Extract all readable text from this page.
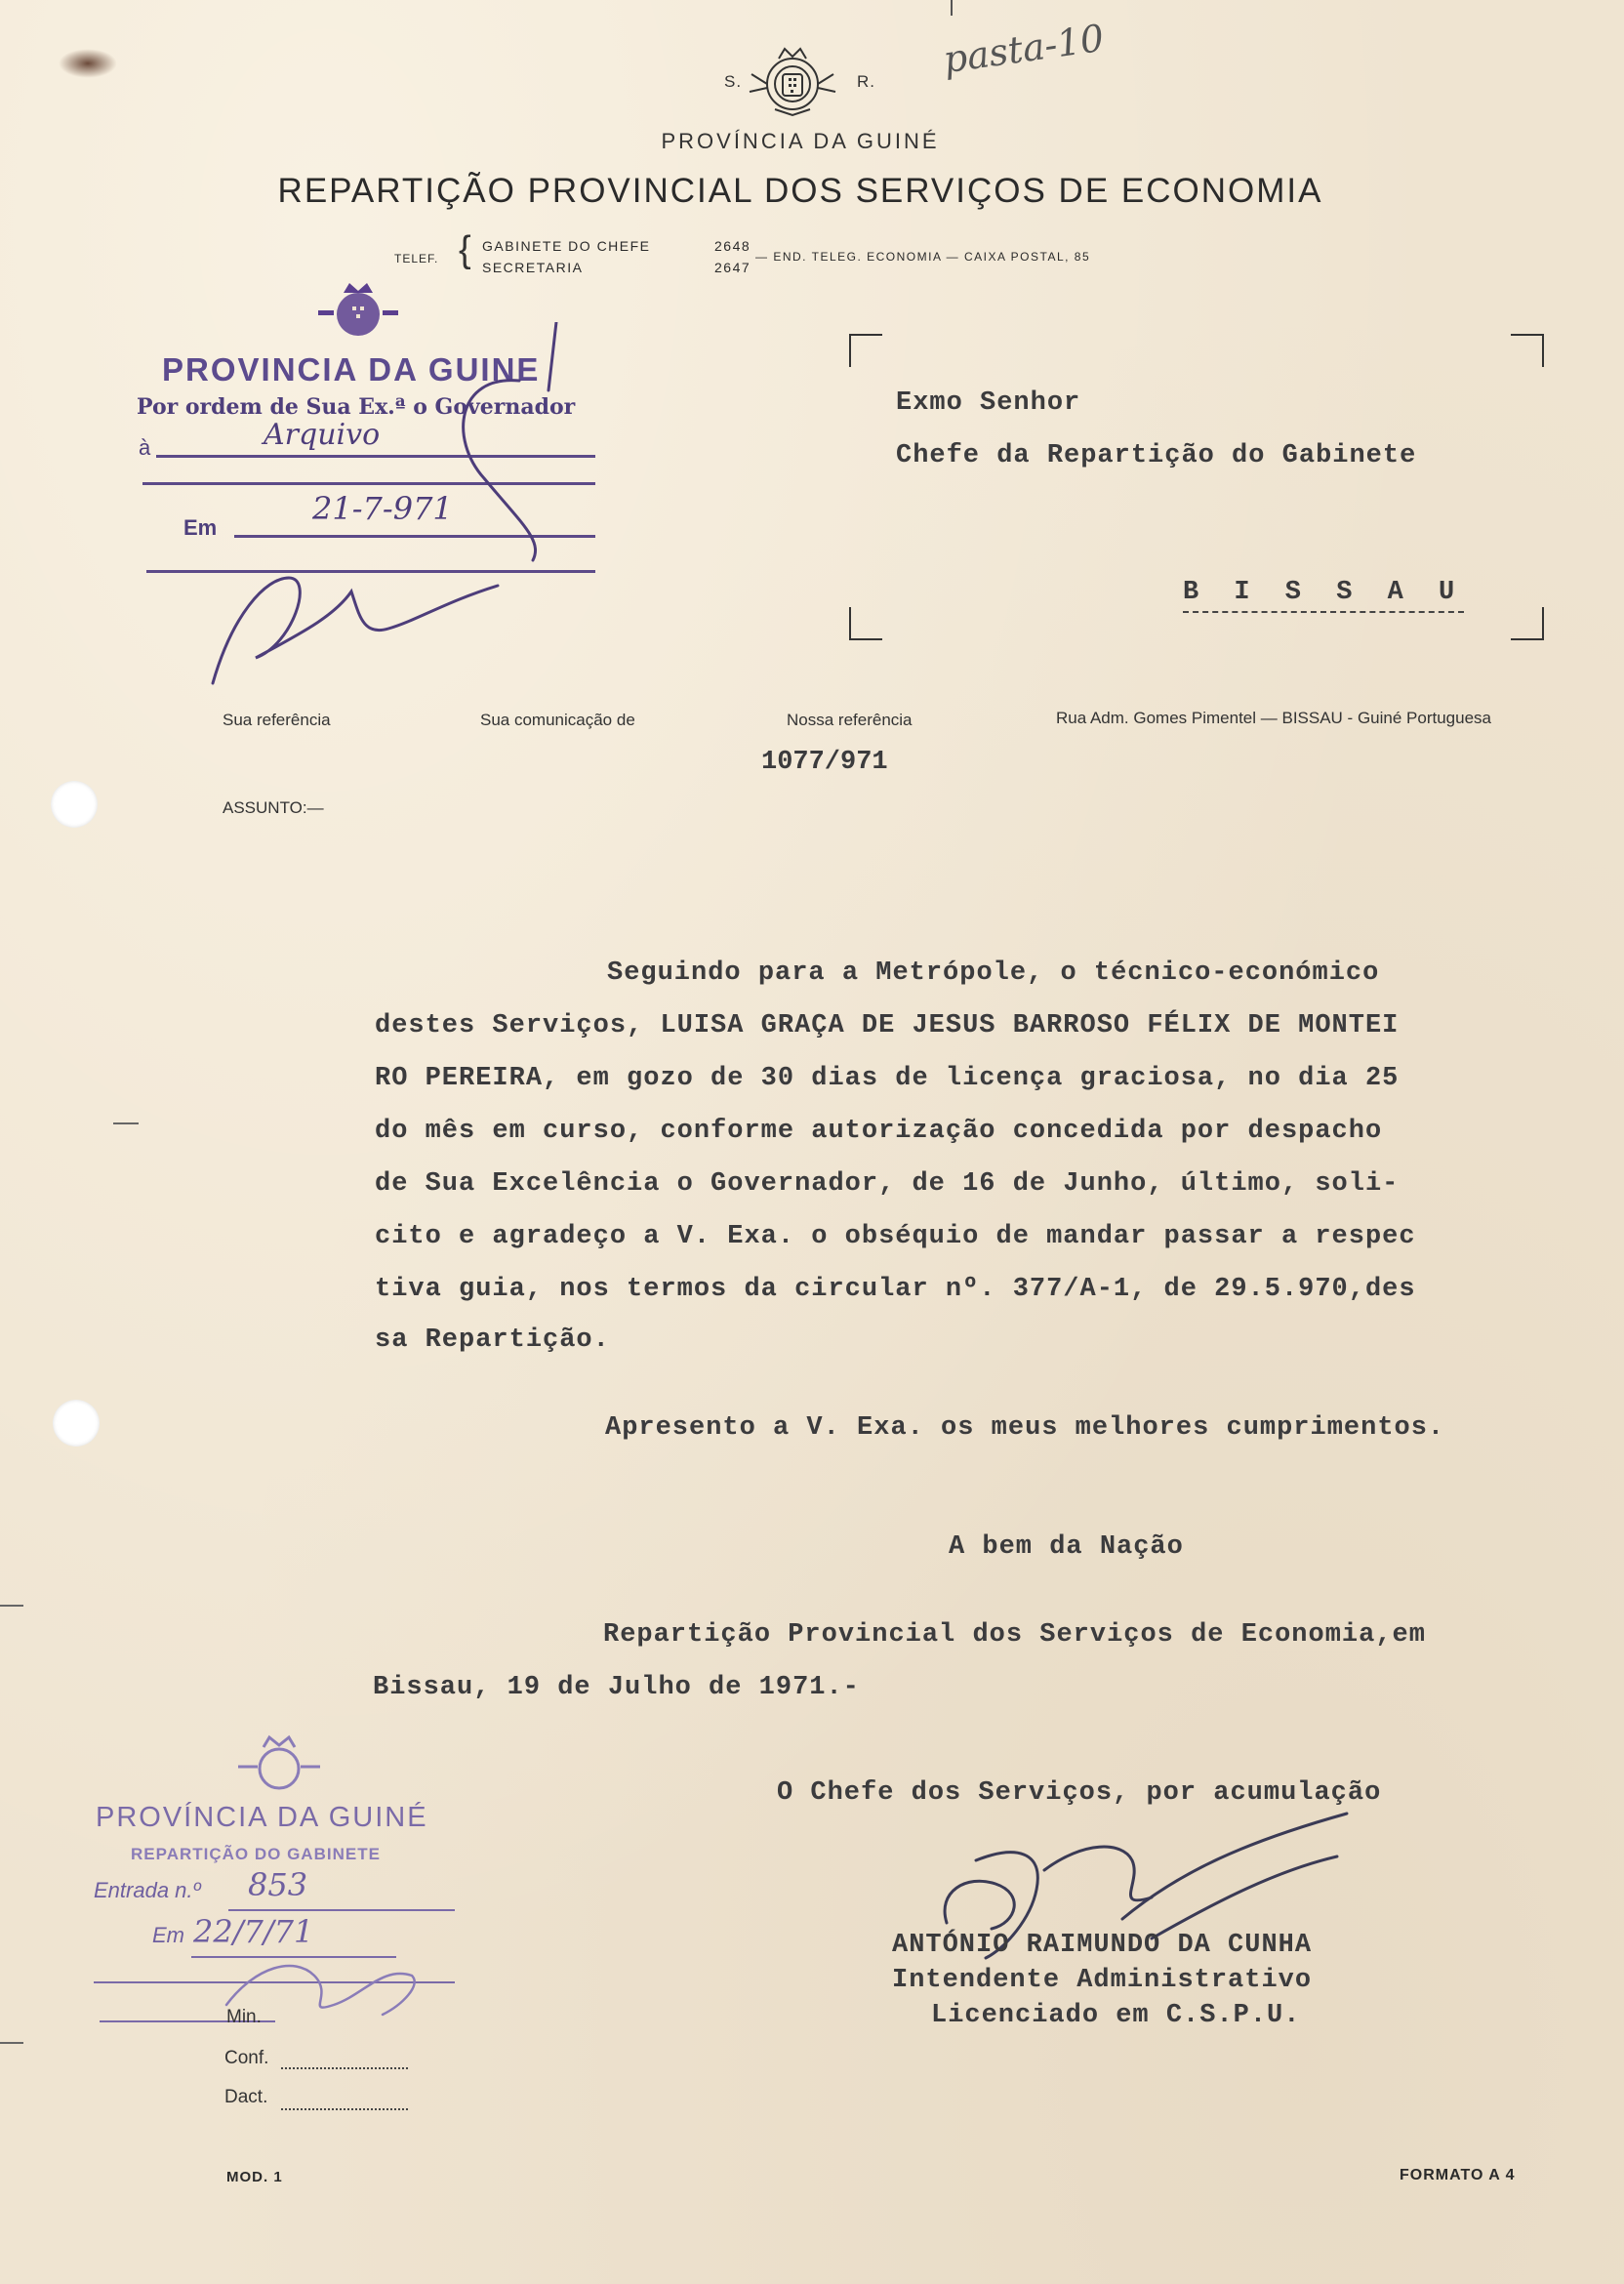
S.	R.
pasta-10
PROVÍNCIA DA GUINÉ
REPARTIÇÃO PROVINCIAL DOS SERVIÇOS DE ECONOMIA
TELEF. { GABINETE DO CHEFE	2648
SECRETARIA	2647
— END. TELEG. ECONOMIA — CAIXA POSTAL, 85
PROVINCIA DA GUINE
Por ordem de Sua Ex.ª o Governador
à	Arquivo
Em
21-7-971
Exmo Senhor
Chefe da Repartição do Gabinete
B I S S A U
Sua referência	Sua comunicação de	Nossa referência	Rua Adm. Gomes Pimentel — BISSAU - Guiné Portuguesa
1077/971
ASSUNTO:—
Seguindo para a Metrópole, o técnico-económico
destes Serviços, LUISA GRAÇA DE JESUS BARROSO FÉLIX DE MONTEI
RO PEREIRA, em gozo de 30 dias de licença graciosa, no dia 25
do mês em curso, conforme autorização concedida por despacho
de Sua Excelência o Governador, de 16 de Junho, último, soli-
cito e agradeço a V. Exa. o obséquio de mandar passar a respec
tiva guia, nos termos da circular nº. 377/A-1, de 29.5.970,des
sa Repartição.
Apresento a V. Exa. os meus melhores cumprimentos.
A bem da Nação
Repartição Provincial dos Serviços de Economia,em
Bissau, 19 de Julho de 1971.-
O Chefe dos Serviços, por acumulação
ANTÓNIO RAIMUNDO DA CUNHA
Intendente Administrativo
Licenciado em C.S.P.U.
PROVÍNCIA DA GUINÉ
REPARTIÇÃO DO GABINETE
Entrada n.º 853
Em 22/7/71
Min.
Conf.
Dact.
MOD. 1	FORMATO A 4
